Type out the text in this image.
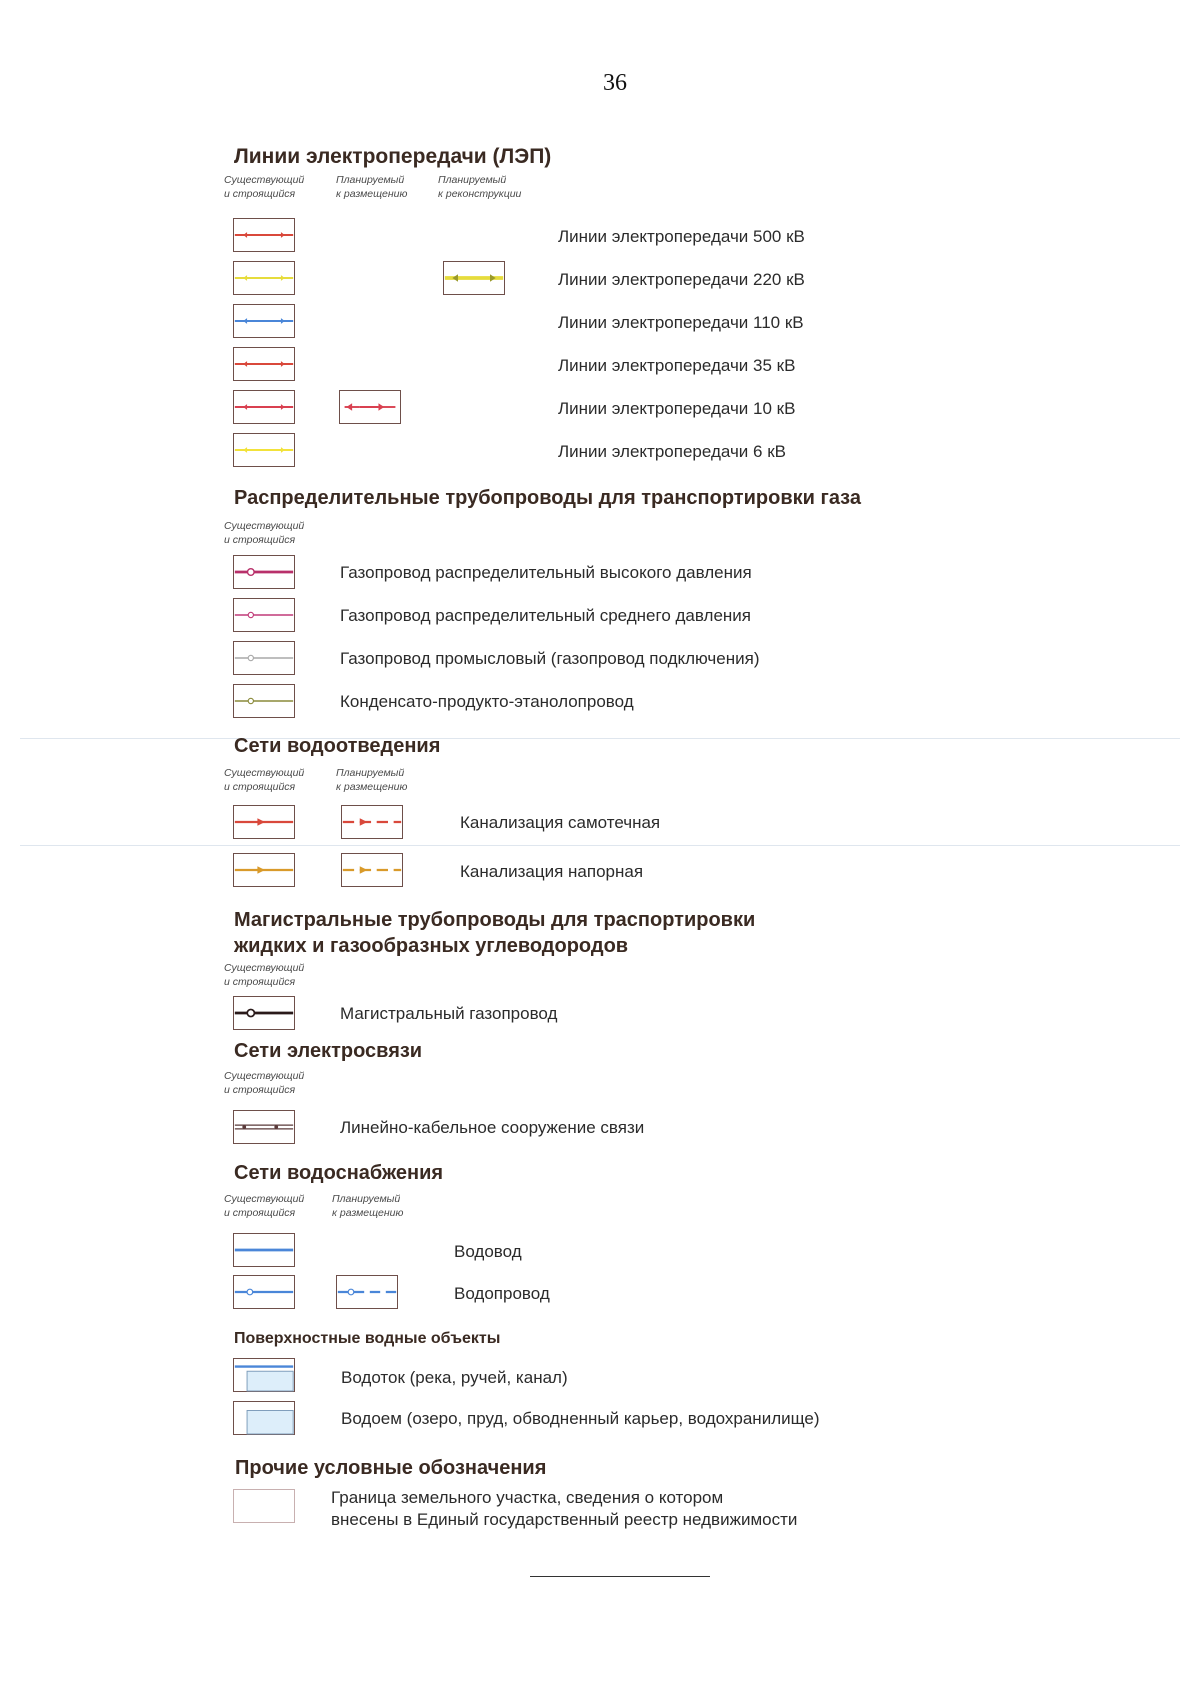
36
Линии электропередачи (ЛЭП)
Существующий
и строящийся
Планируемый
к размещению
Планируемый
к реконструкции
Линии электропередачи 500 кВ
Линии электропередачи 220 кВ
Линии электропередачи 110 кВ
Линии электропередачи 35 кВ
Линии электропередачи 10 кВ
Линии электропередачи 6 кВ
Распределительные трубопроводы для транспортировки газа
Существующий
и строящийся
Газопровод распределительный высокого давления
Газопровод распределительный среднего давления
Газопровод промысловый (газопровод подключения)
Конденсато-продукто-этанолопровод
Сети водоотведения
Существующий
и строящийся
Планируемый
к размещению
Канализация самотечная
Канализация напорная
Магистральные трубопроводы для траспортировки
жидких и газообразных углеводородов
Существующий
и строящийся
Магистральный газопровод
Сети электросвязи
Существующий
и строящийся
Линейно-кабельное сооружение связи
Сети водоснабжения
Существующий
и строящийся
Планируемый
к размещению
Водовод
Водопровод
Поверхностные водные объекты
Водоток (река, ручей, канал)
Водоем (озеро, пруд, обводненный карьер, водохранилище)
Прочие условные обозначения
Граница земельного участка, сведения о котором
внесены в Единый государственный реестр недвижимости
